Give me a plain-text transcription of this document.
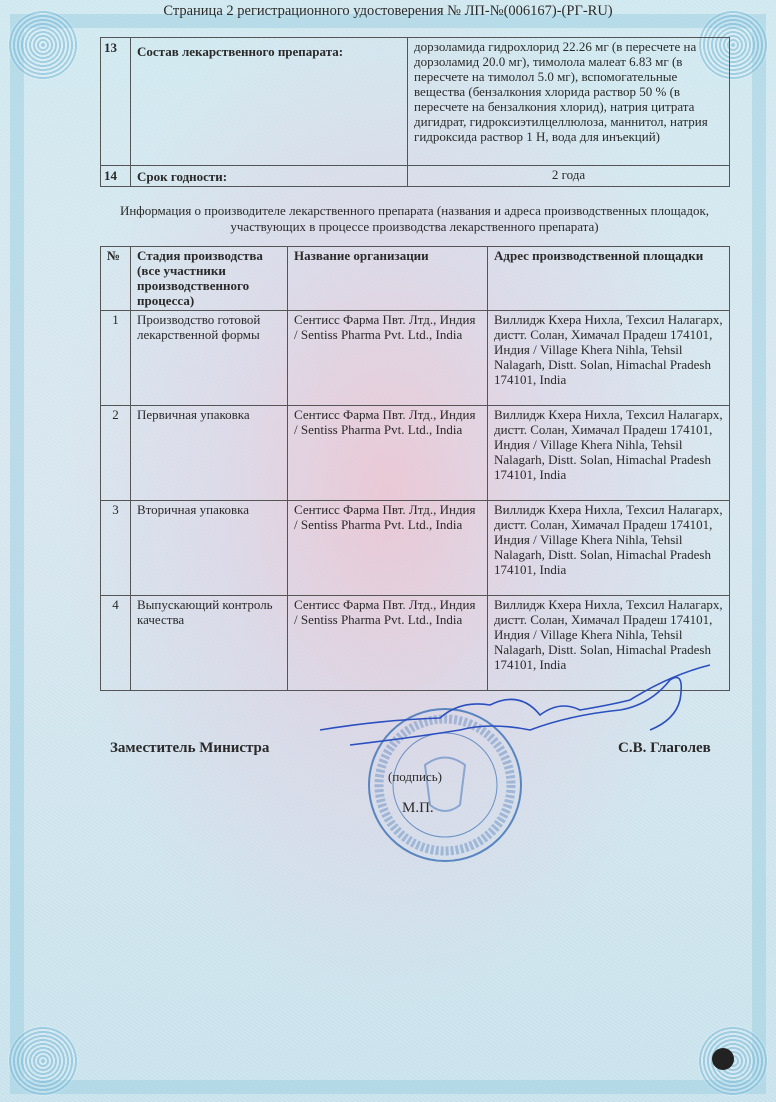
Страница 2 регистрационного удостоверения № ЛП-№(006167)-(РГ-RU)
13	Состав лекарственного препарата:	дорзоламида гидрохлорид 22.26 мг (в пересчете на дорзоламид 20.0 мг), тимолола малеат 6.83 мг (в пересчете на тимолол 5.0 мг), вспомогательные вещества (бензалкония хлорида раствор 50 % (в пересчете на бензалкония хлорид), натрия цитрата дигидрат, гидроксиэтилцеллюлоза, маннитол, натрия гидроксида раствор 1 Н, вода для инъекций)
14	Срок годности:	2 года
Информация о производителе лекарственного препарата (названия и адреса производственных площадок, участвующих в процессе производства лекарственного препарата)
№	Стадия производства (все участники производственного процесса)	Название организации	Адрес производственной площадки
1	Производство готовой лекарственной формы	Сентисс Фарма Пвт. Лтд., Индия / Sentiss Pharma Pvt. Ltd., India	Виллидж Кхера Нихла, Техсил Налагарх, дистт. Солан, Химачал Прадеш 174101, Индия / Village Khera Nihla, Tehsil Nalagarh, Distt. Solan, Himachal Pradesh 174101, India
2	Первичная упаковка	Сентисс Фарма Пвт. Лтд., Индия / Sentiss Pharma Pvt. Ltd., India	Виллидж Кхера Нихла, Техсил Налагарх, дистт. Солан, Химачал Прадеш 174101, Индия / Village Khera Nihla, Tehsil Nalagarh, Distt. Solan, Himachal Pradesh 174101, India
3	Вторичная упаковка	Сентисс Фарма Пвт. Лтд., Индия / Sentiss Pharma Pvt. Ltd., India	Виллидж Кхера Нихла, Техсил Налагарх, дистт. Солан, Химачал Прадеш 174101, Индия / Village Khera Nihla, Tehsil Nalagarh, Distt. Solan, Himachal Pradesh 174101, India
4	Выпускающий контроль качества	Сентисс Фарма Пвт. Лтд., Индия / Sentiss Pharma Pvt. Ltd., India	Виллидж Кхера Нихла, Техсил Налагарх, дистт. Солан, Химачал Прадеш 174101, Индия / Village Khera Nihla, Tehsil Nalagarh, Distt. Solan, Himachal Pradesh 174101, India
Заместитель Министра	С.В. Глаголев
(подпись)
М.П.
